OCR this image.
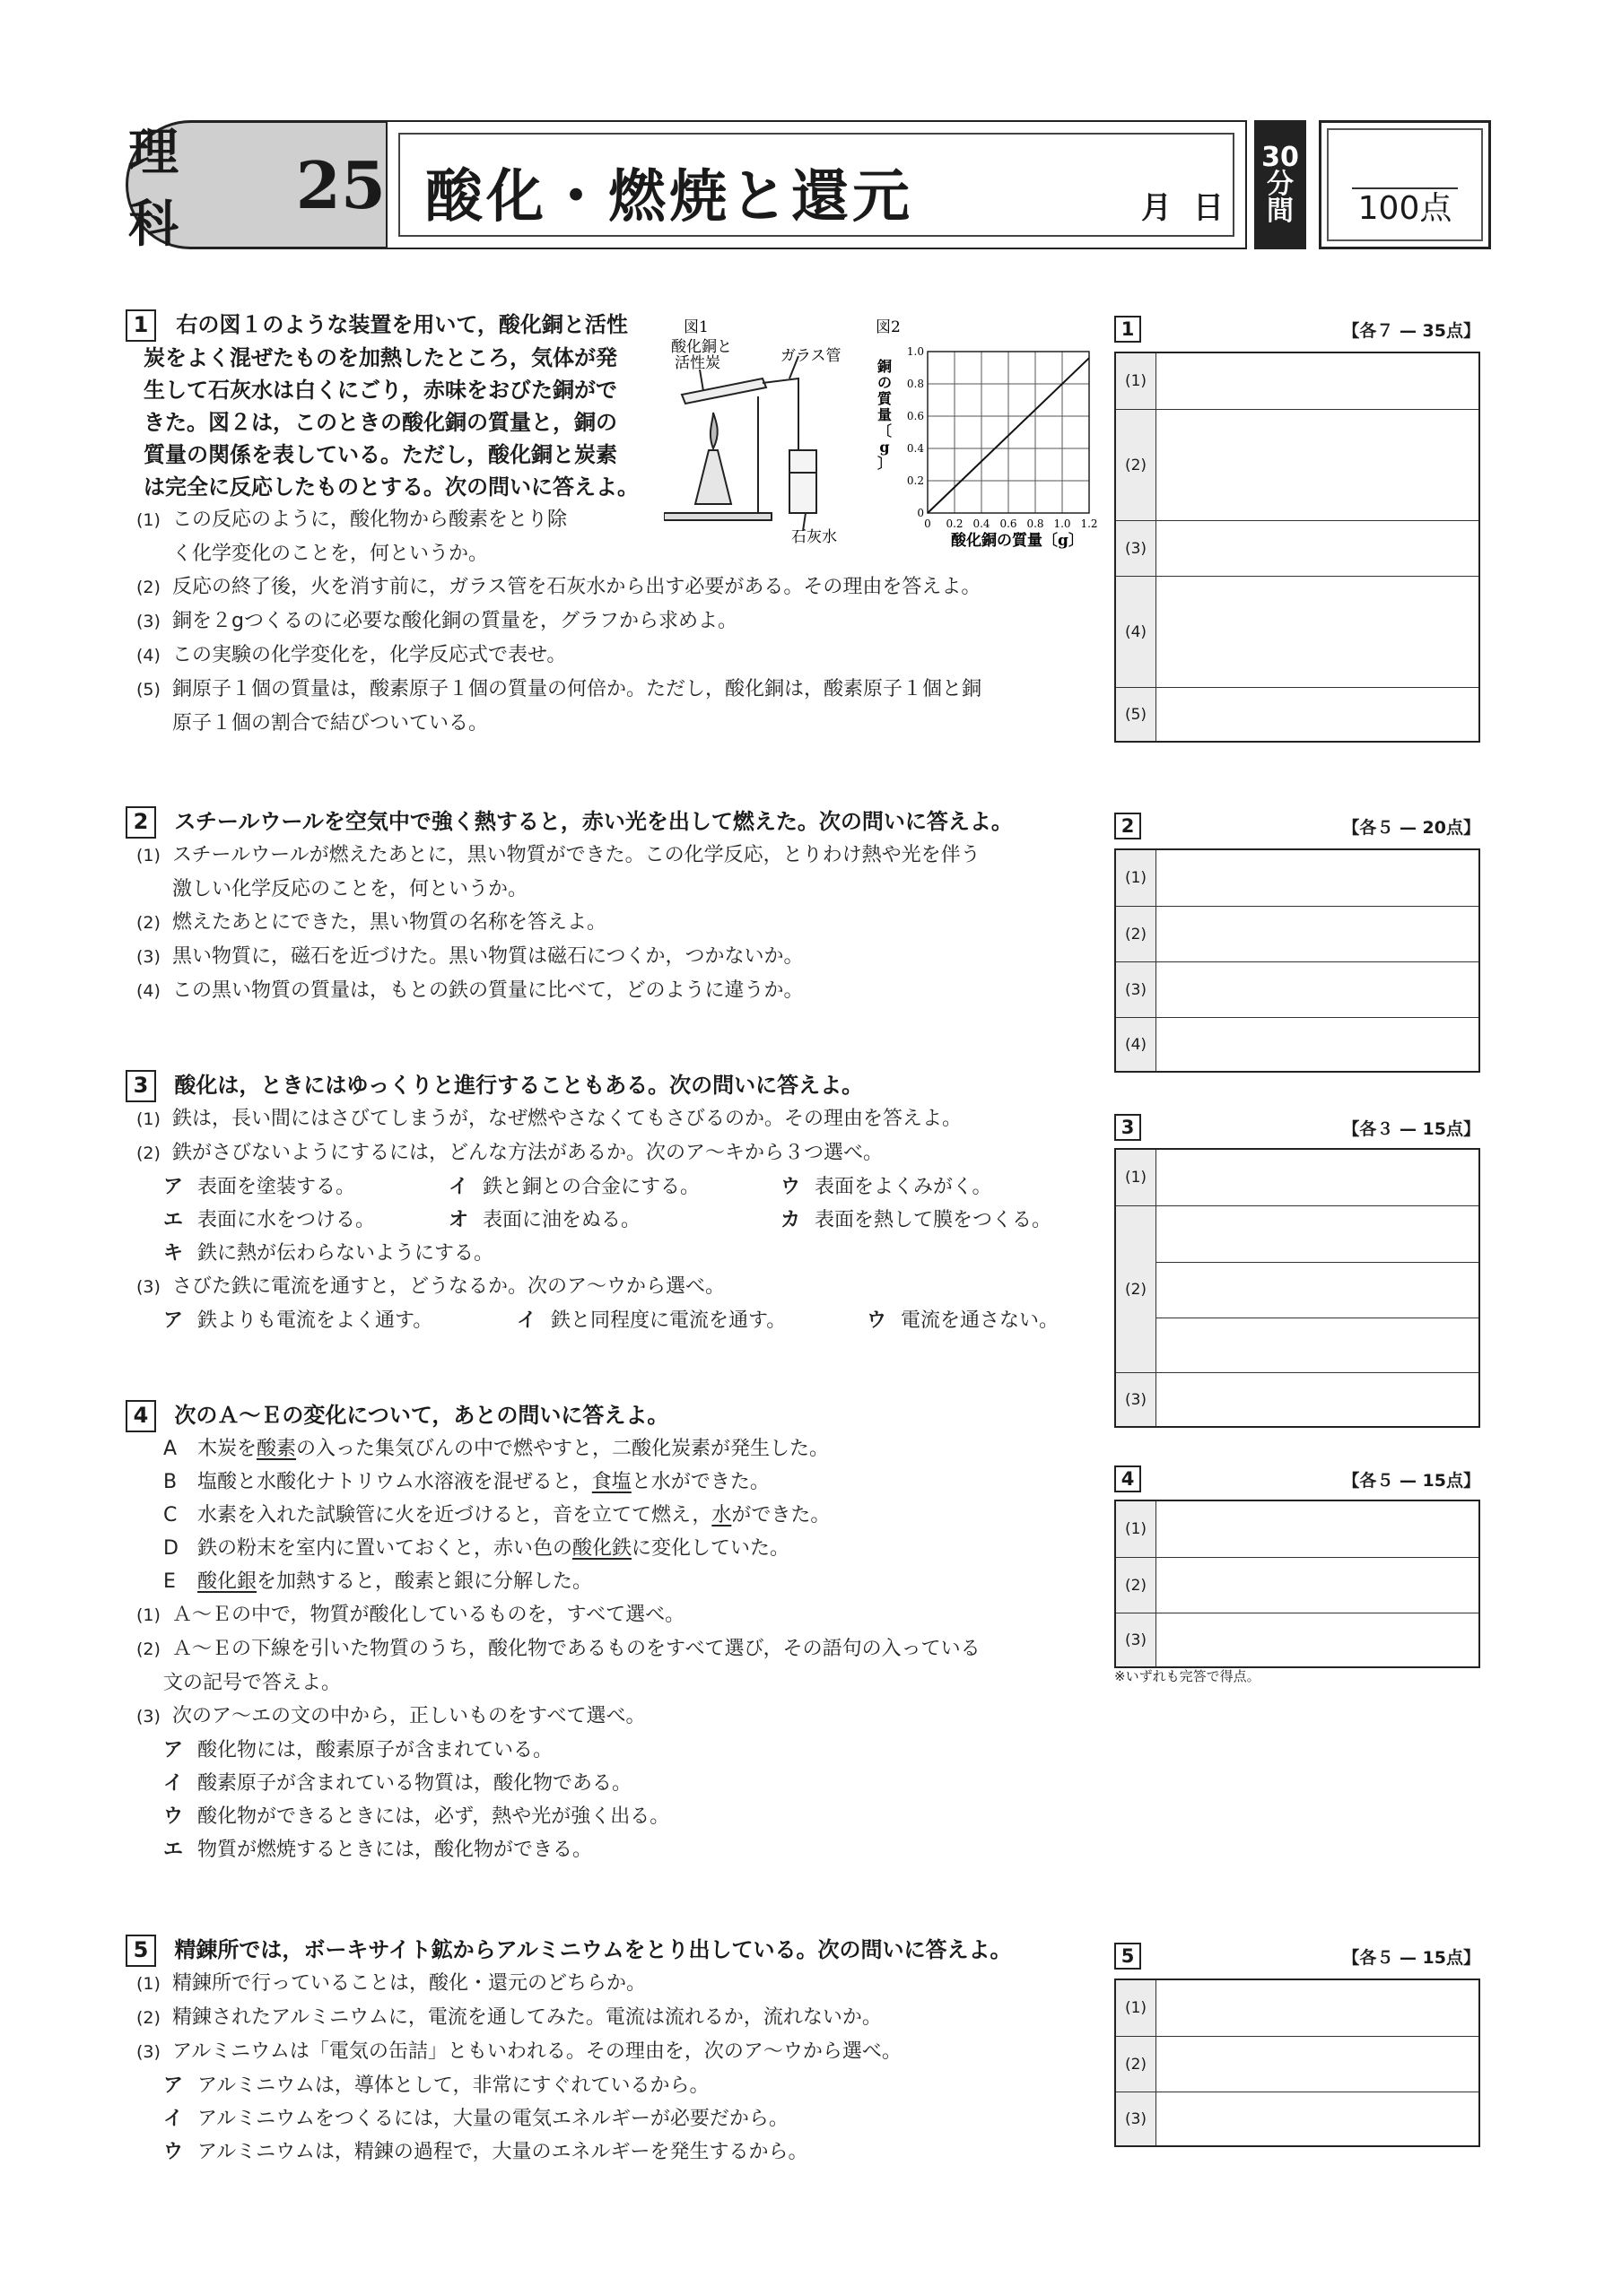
理 科
25 酸化・燃焼と還元	月 日
30
分
間	100点
1 右の図１のような装置を用いて，酸化銅と活性
炭をよく混ぜたものを加熱したところ，気体が発
生して石灰水は白くにごり，赤味をおびた銅がで
きた。図２は，このときの酸化銅の質量と，銅の
質量の関係を表している。ただし，酸化銅と炭素
は完全に反応したものとする。次の問いに答えよ。
(1) この反応のように，酸化物から酸素をとり除
く化学変化のことを，何というか。
(2) 反応の終了後，火を消す前に，ガラス管を石灰水から出す必要がある。その理由を答えよ。
(3) 銅を２gつくるのに必要な酸化銅の質量を，グラフから求めよ。
(4) この実験の化学変化を，化学反応式で表せ。
(5) 銅原子１個の質量は，酸素原子１個の質量の何倍か。ただし，酸化銅は，酸素原子１個と銅
原子１個の割合で結びついている。
図1
酸化銅と
活性炭	ガラス管
石灰水
図2
0 0.2 0.4 0.6 0.8 1.0 1.2
0
0.2
0.4
0.6
0.8
1.0
酸化銅の質量〔g〕
銅
の
質
量
〔
g
〕
1	【各７ — 35点】
(1)
(2)
(3)
(4)
(5)
2 スチールウールを空気中で強く熱すると，赤い光を出して燃えた。次の問いに答えよ。
(1) スチールウールが燃えたあとに，黒い物質ができた。この化学反応，とりわけ熱や光を伴う
激しい化学反応のことを，何というか。
(2) 燃えたあとにできた，黒い物質の名称を答えよ。
(3) 黒い物質に，磁石を近づけた。黒い物質は磁石につくか，つかないか。
(4) この黒い物質の質量は，もとの鉄の質量に比べて，どのように違うか。
2	【各５ — 20点】
(1)
(2)
(3)
(4)
3 酸化は，ときにはゆっくりと進行することもある。次の問いに答えよ。
(1) 鉄は，長い間にはさびてしまうが，なぜ燃やさなくてもさびるのか。その理由を答えよ。
(2) 鉄がさびないようにするには，どんな方法があるか。次のア～キから３つ選べ。
ア 表面を塗装する。	イ 鉄と銅との合金にする。	ウ 表面をよくみがく。
エ 表面に水をつける。	オ 表面に油をぬる。	カ 表面を熱して膜をつくる。
キ 鉄に熱が伝わらないようにする。
(3) さびた鉄に電流を通すと，どうなるか。次のア～ウから選べ。
ア 鉄よりも電流をよく通す。	イ 鉄と同程度に電流を通す。	ウ 電流を通さない。
3	【各３ — 15点】
(1)
(2)
(3)
4 次のＡ～Ｅの変化について，あとの問いに答えよ。
A 木炭を酸素の入った集気びんの中で燃やすと，二酸化炭素が発生した。
B 塩酸と水酸化ナトリウム水溶液を混ぜると，食塩と水ができた。
C 水素を入れた試験管に火を近づけると，音を立てて燃え，水ができた。
D 鉄の粉末を室内に置いておくと，赤い色の酸化鉄に変化していた。
E 酸化銀を加熱すると，酸素と銀に分解した。
(1) Ａ～Ｅの中で，物質が酸化しているものを，すべて選べ。
(2) Ａ～Ｅの下線を引いた物質のうち，酸化物であるものをすべて選び，その語句の入っている
文の記号で答えよ。
(3) 次のア～エの文の中から，正しいものをすべて選べ。
ア 酸化物には，酸素原子が含まれている。
イ 酸素原子が含まれている物質は，酸化物である。
ウ 酸化物ができるときには，必ず，熱や光が強く出る。
エ 物質が燃焼するときには，酸化物ができる。
4	【各５ — 15点】
(1)
(2)
(3)
※いずれも完答で得点。
5 精錬所では，ボーキサイト鉱からアルミニウムをとり出している。次の問いに答えよ。
(1) 精錬所で行っていることは，酸化・還元のどちらか。
(2) 精錬されたアルミニウムに，電流を通してみた。電流は流れるか，流れないか。
(3) アルミニウムは「電気の缶詰」ともいわれる。その理由を，次のア～ウから選べ。
ア アルミニウムは，導体として，非常にすぐれているから。
イ アルミニウムをつくるには，大量の電気エネルギーが必要だから。
ウ アルミニウムは，精錬の過程で，大量のエネルギーを発生するから。
5	【各５ — 15点】
(1)
(2)
(3)
